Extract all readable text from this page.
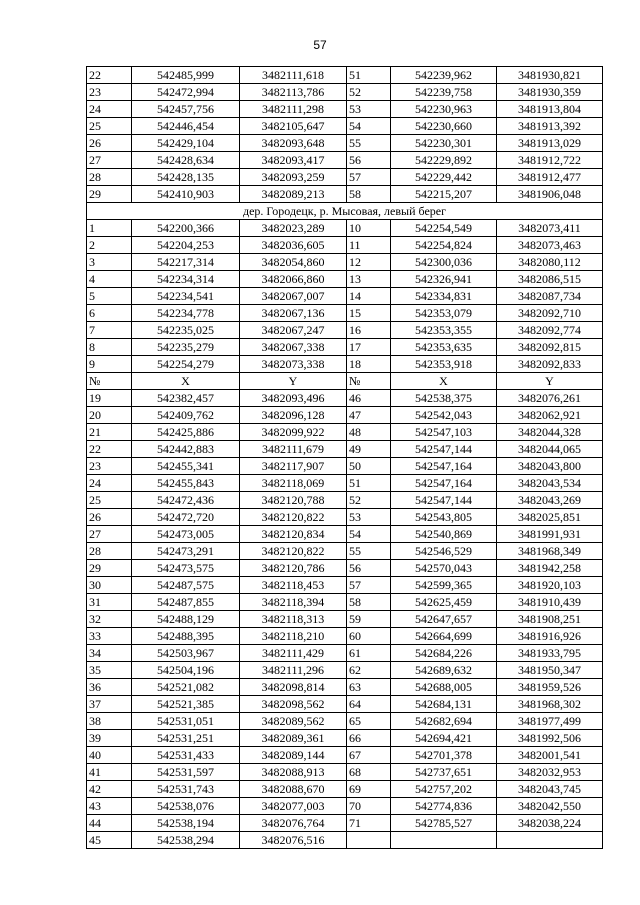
57
22	542485,999	3482111,618	51	542239,962	3481930,821
23	542472,994	3482113,786	52	542239,758	3481930,359
24	542457,756	3482111,298	53	542230,963	3481913,804
25	542446,454	3482105,647	54	542230,660	3481913,392
26	542429,104	3482093,648	55	542230,301	3481913,029
27	542428,634	3482093,417	56	542229,892	3481912,722
28	542428,135	3482093,259	57	542229,442	3481912,477
29	542410,903	3482089,213	58	542215,207	3481906,048
дер. Городецк, р. Мысовая, левый берег					
1	542200,366	3482023,289	10	542254,549	3482073,411
2	542204,253	3482036,605	11	542254,824	3482073,463
3	542217,314	3482054,860	12	542300,036	3482080,112
4	542234,314	3482066,860	13	542326,941	3482086,515
5	542234,541	3482067,007	14	542334,831	3482087,734
6	542234,778	3482067,136	15	542353,079	3482092,710
7	542235,025	3482067,247	16	542353,355	3482092,774
8	542235,279	3482067,338	17	542353,635	3482092,815
9	542254,279	3482073,338	18	542353,918	3482092,833
№	X	Y	№	X	Y
19	542382,457	3482093,496	46	542538,375	3482076,261
20	542409,762	3482096,128	47	542542,043	3482062,921
21	542425,886	3482099,922	48	542547,103	3482044,328
22	542442,883	3482111,679	49	542547,144	3482044,065
23	542455,341	3482117,907	50	542547,164	3482043,800
24	542455,843	3482118,069	51	542547,164	3482043,534
25	542472,436	3482120,788	52	542547,144	3482043,269
26	542472,720	3482120,822	53	542543,805	3482025,851
27	542473,005	3482120,834	54	542540,869	3481991,931
28	542473,291	3482120,822	55	542546,529	3481968,349
29	542473,575	3482120,786	56	542570,043	3481942,258
30	542487,575	3482118,453	57	542599,365	3481920,103
31	542487,855	3482118,394	58	542625,459	3481910,439
32	542488,129	3482118,313	59	542647,657	3481908,251
33	542488,395	3482118,210	60	542664,699	3481916,926
34	542503,967	3482111,429	61	542684,226	3481933,795
35	542504,196	3482111,296	62	542689,632	3481950,347
36	542521,082	3482098,814	63	542688,005	3481959,526
37	542521,385	3482098,562	64	542684,131	3481968,302
38	542531,051	3482089,562	65	542682,694	3481977,499
39	542531,251	3482089,361	66	542694,421	3481992,506
40	542531,433	3482089,144	67	542701,378	3482001,541
41	542531,597	3482088,913	68	542737,651	3482032,953
42	542531,743	3482088,670	69	542757,202	3482043,745
43	542538,076	3482077,003	70	542774,836	3482042,550
44	542538,194	3482076,764	71	542785,527	3482038,224
45	542538,294	3482076,516			
